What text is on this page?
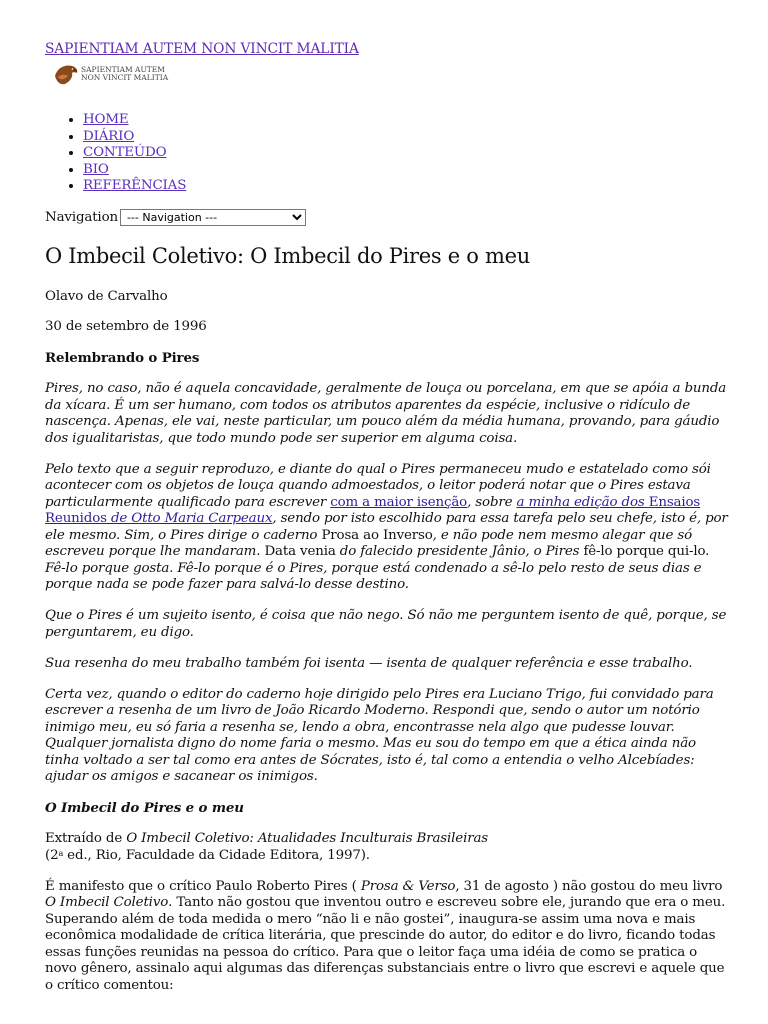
SAPIENTIAM AUTEM NON VINCIT MALITIA
SAPIENTIAM AUTEM
NON VINCIT MALITIA
• HOME
• DIÁRIO
• CONTEÚDO
• BIO
• REFERÊNCIAS
Navigation
--- Navigation ---
O Imbecil Coletivo: O Imbecil do Pires e o meu

Olavo de Carvalho

30 de setembro de 1996

Relembrando o Pires

Pires, no caso, não é aquela concavidade, geralmente de louça ou porcelana, em que se apóia a bunda da xícara. É um ser humano, com todos os atributos aparentes da espécie, inclusive o ridículo de nascença. Apenas, ele vai, neste particular, um pouco além da média humana, provando, para gáudio dos igualitaristas, que todo mundo pode ser superior em alguma coisa.

Pelo texto que a seguir reproduzo, e diante do qual o Pires permaneceu mudo e estatelado como sói acontecer com os objetos de louça quando admoestados, o leitor poderá notar que o Pires estava particularmente qualificado para escrever com a maior isenção, sobre a minha edição dos Ensaios Reunidos de Otto Maria Carpeaux, sendo por isto escolhido para essa tarefa pelo seu chefe, isto é, por ele mesmo. Sim, o Pires dirige o caderno Prosa ao Inverso, e não pode nem mesmo alegar que só escreveu porque lhe mandaram. Data venia do falecido presidente Jânio, o Pires fê-lo porque qui-lo. Fê-lo porque gosta. Fê-lo porque é o Pires, porque está condenado a sê-lo pelo resto de seus dias e porque nada se pode fazer para salvá-lo desse destino.

Que o Pires é um sujeito isento, é coisa que não nego. Só não me perguntem isento de quê, porque, se perguntarem, eu digo.

Sua resenha do meu trabalho também foi isenta — isenta de qualquer referência e esse trabalho.

Certa vez, quando o editor do caderno hoje dirigido pelo Pires era Luciano Trigo, fui convidado para escrever a resenha de um livro de João Ricardo Moderno. Respondi que, sendo o autor um notório inimigo meu, eu só faria a resenha se, lendo a obra, encontrasse nela algo que pudesse louvar. Qualquer jornalista digno do nome faria o mesmo. Mas eu sou do tempo em que a ética ainda não tinha voltado a ser tal como era antes de Sócrates, isto é, tal como a entendia o velho Alcebíades: ajudar os amigos e sacanear os inimigos.

O Imbecil do Pires e o meu

Extraído de O Imbecil Coletivo: Atualidades Inculturais Brasileiras
(2$^a$ ed., Rio, Faculdade da Cidade Editora, 1997).

É manifesto que o crítico Paulo Roberto Pires ( Prosa & Verso, 31 de agosto ) não gostou do meu livro O Imbecil Coletivo. Tanto não gostou que inventou outro e escreveu sobre ele, jurando que era o meu. Superando além de toda medida o mero “não li e não gostei”, inaugura-se assim uma nova e mais econômica modalidade de crítica literária, que prescinde do autor, do editor e do livro, ficando todas essas funções reunidas na pessoa do crítico. Para que o leitor faça uma idéia de como se pratica o novo gênero, assinalo aqui algumas das diferenças substanciais entre o livro que escrevi e aquele que o crítico comentou:
